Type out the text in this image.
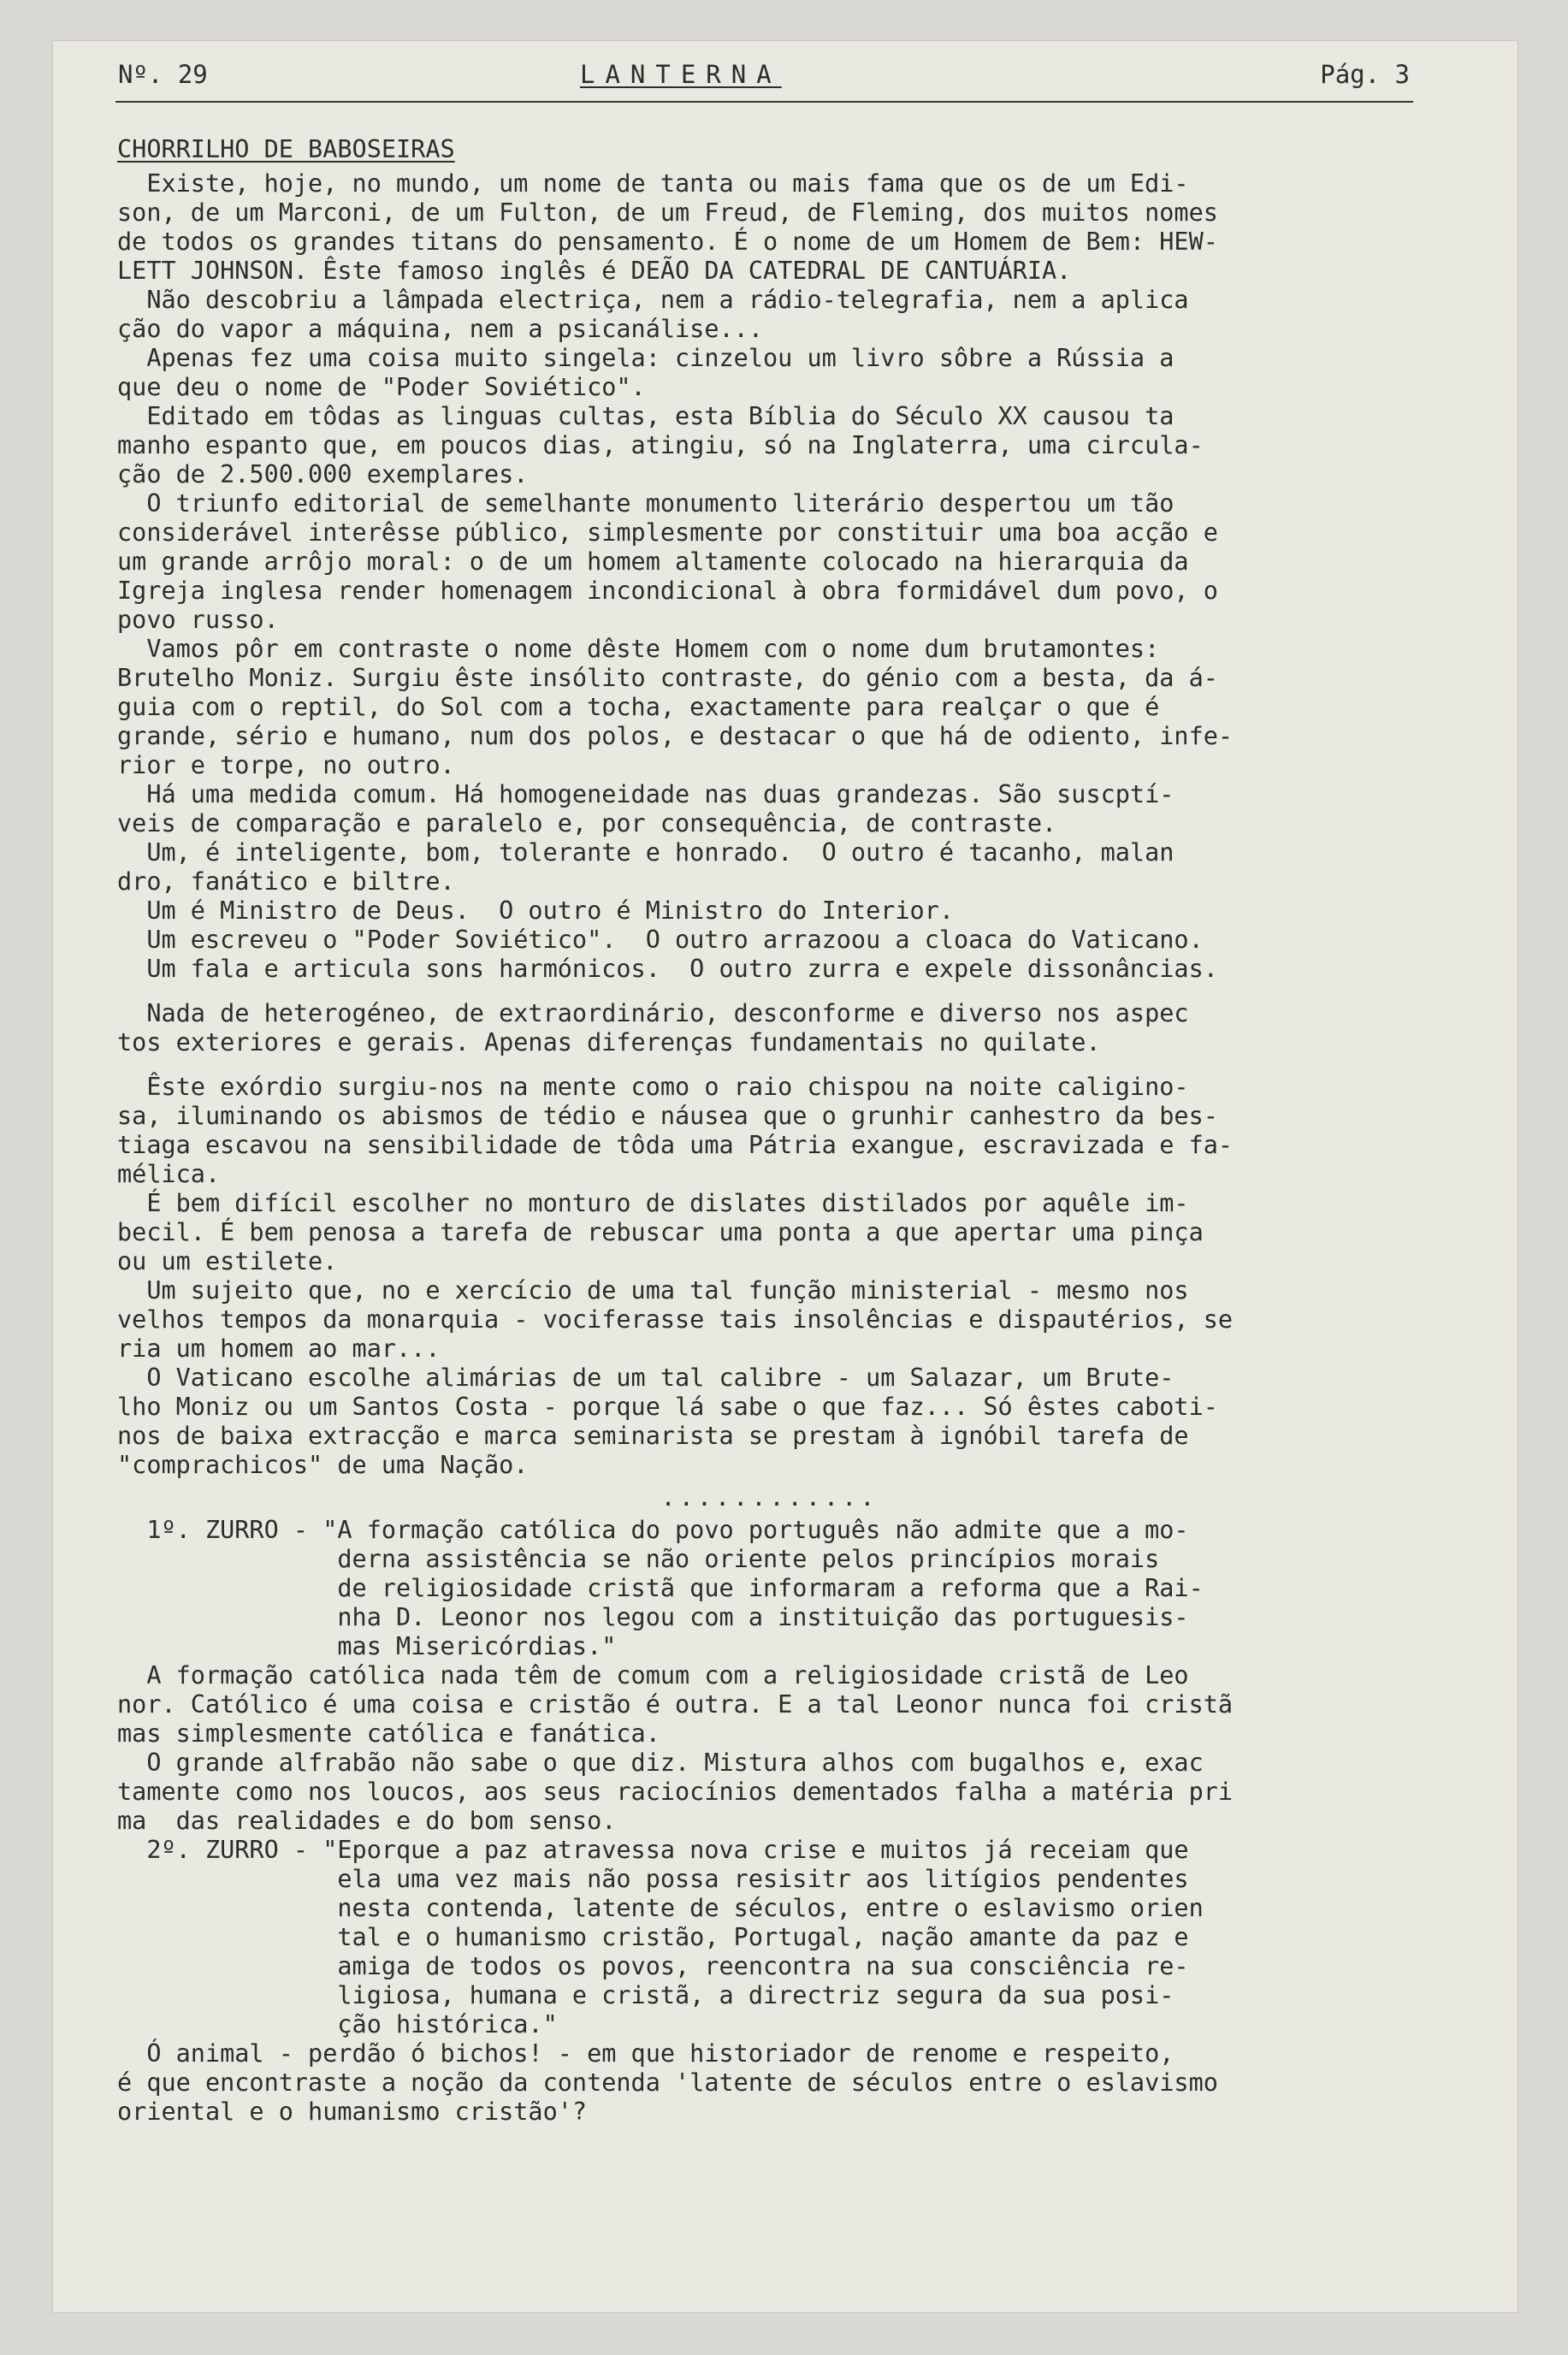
Nº. 29	LANTERNA	Pág. 3

CHORRILHO DE BABOSEIRAS

Existe, hoje, no mundo, um nome de tanta ou mais fama que os de um Edi-

son, de um Marconi, de um Fulton, de um Freud, de Fleming, dos muitos nomes

de todos os grandes titans do pensamento. É o nome de um Homem de Bem: HEW-

LETT JOHNSON. Êste famoso inglês é DEÃO DA CATEDRAL DE CANTUÁRIA.

Não descobriu a lâmpada electriça, nem a rádio-telegrafia, nem a aplica

ção do vapor a máquina, nem a psicanálise...

Apenas fez uma coisa muito singela: cinzelou um livro sôbre a Rússia a

que deu o nome de "Poder Soviético".

Editado em tôdas as linguas cultas, esta Bíblia do Século XX causou ta

manho espanto que, em poucos dias, atingiu, só na Inglaterra, uma circula-

ção de 2.500.000 exemplares.

O triunfo editorial de semelhante monumento literário despertou um tão

considerável interêsse público, simplesmente por constituir uma boa acção e

um grande arrôjo moral: o de um homem altamente colocado na hierarquia da

Igreja inglesa render homenagem incondicional à obra formidável dum povo, o

povo russo.

Vamos pôr em contraste o nome dêste Homem com o nome dum brutamontes:

Brutelho Moniz. Surgiu êste insólito contraste, do génio com a besta, da á-

guia com o reptil, do Sol com a tocha, exactamente para realçar o que é

grande, sério e humano, num dos polos, e destacar o que há de odiento, infe-

rior e torpe, no outro.

Há uma medida comum. Há homogeneidade nas duas grandezas. São suscptí-

veis de comparação e paralelo e, por consequência, de contraste.

Um, é inteligente, bom, tolerante e honrado.  O outro é tacanho, malan

dro, fanático e biltre.

Um é Ministro de Deus.  O outro é Ministro do Interior.

Um escreveu o "Poder Soviético".  O outro arrazoou a cloaca do Vaticano.

Um fala e articula sons harmónicos.  O outro zurra e expele dissonâncias.

Nada de heterogéneo, de extraordinário, desconforme e diverso nos aspec

tos exteriores e gerais. Apenas diferenças fundamentais no quilate.

Êste exórdio surgiu-nos na mente como o raio chispou na noite caligino-

sa, iluminando os abismos de tédio e náusea que o grunhir canhestro da bes-

tiaga escavou na sensibilidade de tôda uma Pátria exangue, escravizada e fa-

mélica.

É bem difícil escolher no monturo de dislates distilados por aquêle im-

becil. É bem penosa a tarefa de rebuscar uma ponta a que apertar uma pinça

ou um estilete.

Um sujeito que, no e xercício de uma tal função ministerial - mesmo nos

velhos tempos da monarquia - vociferasse tais insolências e dispautérios, se

ria um homem ao mar...

O Vaticano escolhe alimárias de um tal calibre - um Salazar, um Brute-

lho Moniz ou um Santos Costa - porque lá sabe o que faz... Só êstes caboti-

nos de baixa extracção e marca seminarista se prestam à ignóbil tarefa de

"comprachicos" de uma Nação.

............

1º. ZURRO - "A formação católica do povo português não admite que a mo-

derna assistência se não oriente pelos princípios morais

de religiosidade cristã que informaram a reforma que a Rai-

nha D. Leonor nos legou com a instituição das portuguesis-

mas Misericórdias."

A formação católica nada têm de comum com a religiosidade cristã de Leo

nor. Católico é uma coisa e cristão é outra. E a tal Leonor nunca foi cristã

mas simplesmente católica e fanática.

O grande alfrabão não sabe o que diz. Mistura alhos com bugalhos e, exac

tamente como nos loucos, aos seus raciocínios dementados falha a matéria pri

ma  das realidades e do bom senso.

2º. ZURRO - "Eporque a paz atravessa nova crise e muitos já receiam que

ela uma vez mais não possa resisitr aos litígios pendentes

nesta contenda, latente de séculos, entre o eslavismo orien

tal e o humanismo cristão, Portugal, nação amante da paz e

amiga de todos os povos, reencontra na sua consciência re-

ligiosa, humana e cristã, a directriz segura da sua posi-

ção histórica."

Ó animal - perdão ó bichos! - em que historiador de renome e respeito,

é que encontraste a noção da contenda 'latente de séculos entre o eslavismo

oriental e o humanismo cristão'?
